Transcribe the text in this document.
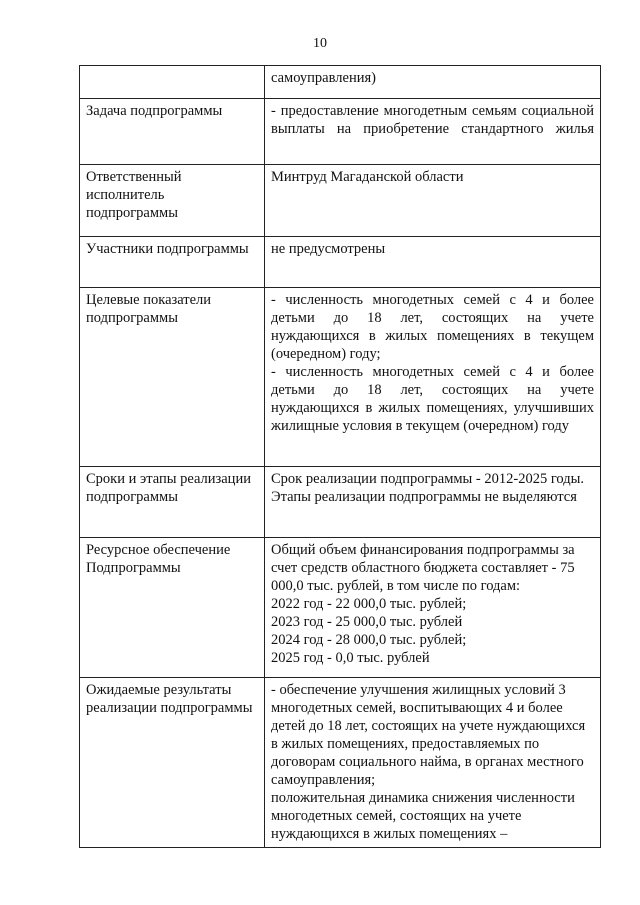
10

	самоуправления)

Задача подпрограммы	- предоставление многодетным семьям социальной выплаты на приобретение стандартного жилья

Ответственный исполнитель подпрограммы	Минтруд Магаданской области

Участники подпрограммы	не предусмотрены

Целевые показатели подпрограммы	- численность многодетных семей с 4 и более детьми до 18 лет, состоящих на учете нуждающихся в жилых помещениях в текущем (очередном) году;
- численность многодетных семей с 4 и более детьми до 18 лет, состоящих на учете нуждающихся в жилых помещениях, улучшивших жилищные условия в текущем (очередном) году

Сроки и этапы реализации подпрограммы	Срок реализации подпрограммы - 2012-2025 годы. Этапы реализации подпрограммы не выделяются

Ресурсное обеспечение Подпрограммы	Общий объем финансирования подпрограммы за счет средств областного бюджета составляет - 75 000,0 тыс. рублей, в том числе по годам:
2022 год - 22 000,0 тыс. рублей;
2023 год - 25 000,0 тыс. рублей
2024 год - 28 000,0 тыс. рублей;
2025 год - 0,0 тыс. рублей

Ожидаемые результаты реализации подпрограммы	- обеспечение улучшения жилищных условий 3 многодетных семей, воспитывающих 4 и более детей до 18 лет, состоящих на учете нуждающихся в жилых помещениях, предоставляемых по договорам социального найма, в органах местного самоуправления;
положительная динамика снижения численности многодетных семей, состоящих на учете нуждающихся в жилых помещениях –
